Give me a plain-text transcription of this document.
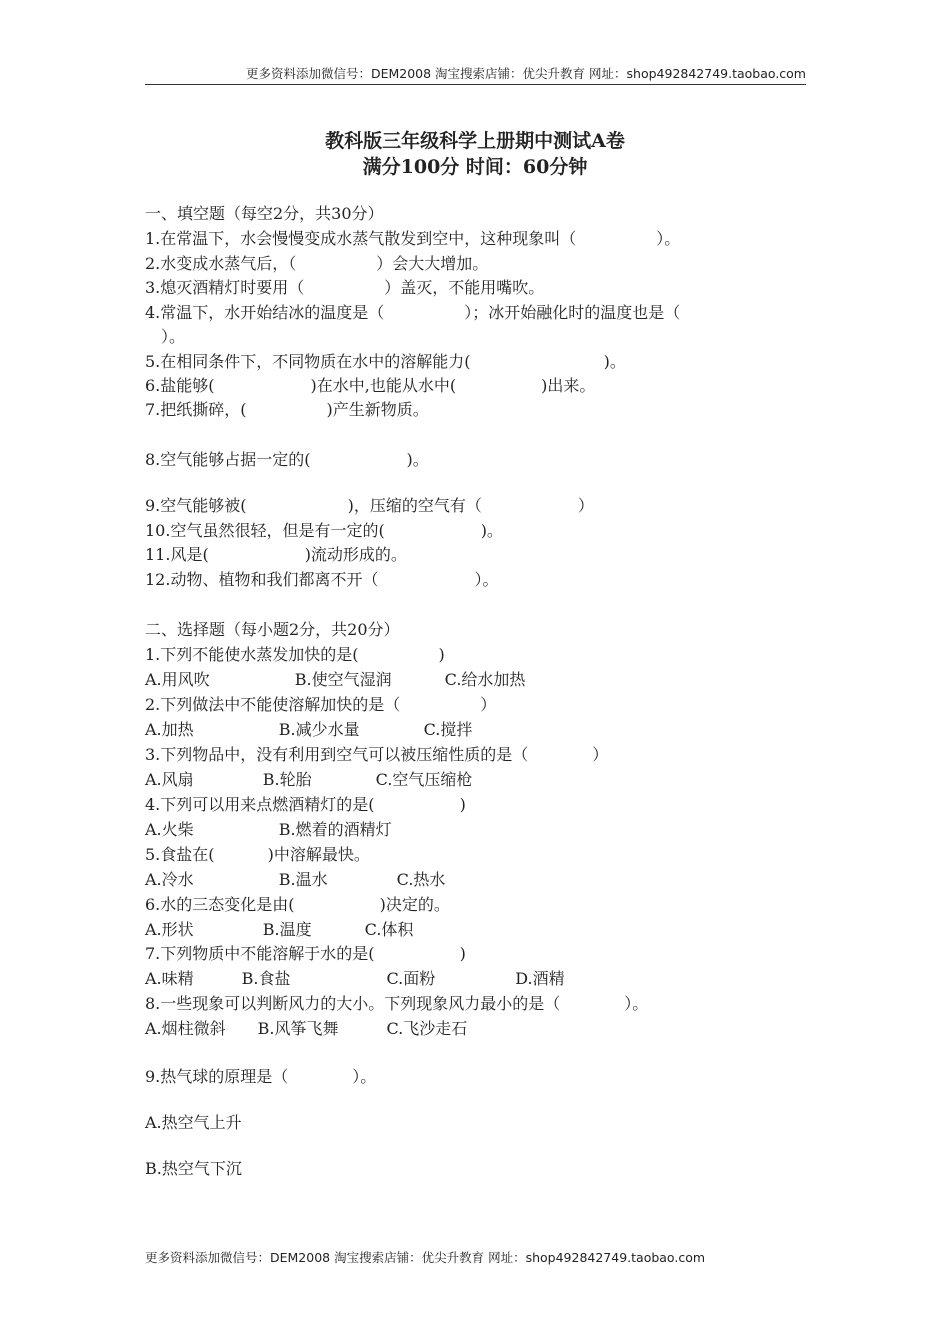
更多资料添加微信号：DEM2008 淘宝搜索店铺：优尖升教育 网址：shop492842749.taobao.com
教科版三年级科学上册期中测试A卷
满分100分 时间：60分钟
一、填空题（每空2分，共30分）
1.在常温下，水会慢慢变成水蒸气散发到空中，这种现象叫（　　　　　）。
2.水变成水蒸气后，（　　　　　）会大大增加。
3.熄灭酒精灯时要用（　　　　　）盖灭，不能用嘴吹。
4.常温下，水开始结冰的温度是（　　　　　）；冰开始融化时的温度也是（
　）。
5.在相同条件下，不同物质在水中的溶解能力(　　　　　　　　 )。
6.盐能够(　　　　　　)在水中,也能从水中(　　　　　 )出来。
7.把纸撕碎，(　　　　　)产生新物质。
8.空气能够占据一定的(　　　　　　)。
9.空气能够被(　　　　　　 )，压缩的空气有（　　　　　　）
10.空气虽然很轻，但是有一定的(　　　　　　)。
11.风是(　　　　　　)流动形成的。
12.动物、植物和我们都离不开（　　　　　　）。
二、选择题（每小题2分，共20分）
1.下列不能使水蒸发加快的是(　　　　　)
A.用风吹　　　　　 B.使空气湿润　　　 C.给水加热
2.下列做法中不能使溶解加快的是（　　　　　）
A.加热　　　　　 B.减少水量　　　　C.搅拌
3.下列物品中，没有利用到空气可以被压缩性质的是（　　　　）
A.风扇　　　　 B.轮胎　　　　C.空气压缩枪
4.下列可以用来点燃酒精灯的是(　　　　　 )
A.火柴　　　　　 B.燃着的酒精灯
5.食盐在(　　　 )中溶解最快。
A.冷水　　　　　 B.温水　　　　 C.热水
6.水的三态变化是由(　　　　　 )决定的。
A.形状　　　　 B.温度　　　 C.体积
7.下列物质中不能溶解于水的是(　　　　　 )
A.味精　　　B.食盐　　　　　　C.面粉　　　　　D.酒精
8.一些现象可以判断风力的大小。下列现象风力最小的是（　　　　）。
A.烟柱微斜　　B.风筝飞舞　　　C.飞沙走石
9.热气球的原理是（　　　　）。
A.热空气上升
B.热空气下沉
更多资料添加微信号：DEM2008 淘宝搜索店铺：优尖升教育 网址：shop492842749.taobao.com
